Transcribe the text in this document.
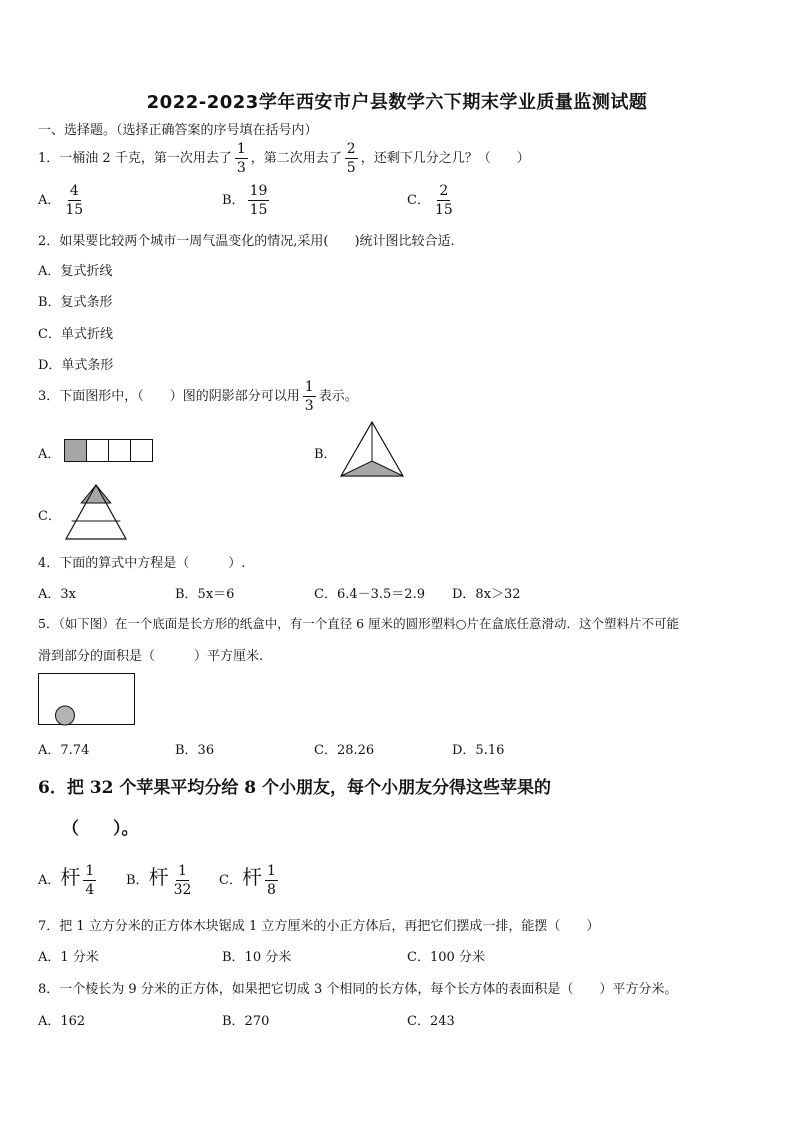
2022-2023学年西安市户县数学六下期末学业质量监测试题
一、选择题。（选择正确答案的序号填在括号内）
1．一桶油 2 千克，第一次用去了 $\frac{1}{3}$ ，第二次用去了 $\frac{2}{5}$ ，还剩下几分之几？（　　）
A． $\frac{4}{15}$	B． $\frac{19}{15}$	C． $\frac{2}{15}$
2．如果要比较两个城市一周气温变化的情况,采用(　　)统计图比较合适.
A．复式折线
B．复式条形
C．单式折线
D．单式条形
3．下面图形中，（　　）图的阴影部分可以用 $\frac{1}{3}$ 表示。
A．	B．
C．
4．下面的算式中方程是（　　　）.
A．3x	B．5x＝6	C．6.4－3.5＝2.9 D．8x＞32
5．（如下图）在一个底面是长方形的纸盒中，有一个直径 6 厘米的圆形塑料○片在盒底任意滑动．这个塑料片不可能
滑到部分的面积是（　　　）平方厘米.
A．7.74	B．36	C．28.26	D．5.16
6．把 32 个苹果平均分给 8 个小朋友，每个小朋友分得这些苹果的
（　　）。
A．杆 $\frac{1}{4}$ B．杆 $\frac{1}{32}$ C．杆 $\frac{1}{8}$
7．把 1 立方分米的正方体木块锯成 1 立方厘米的小正方体后，再把它们摆成一排，能摆（　　）
A．1 分米	B．10 分米	C．100 分米
8．一个棱长为 9 分米的正方体，如果把它切成 3 个相同的长方体，每个长方体的表面积是（　　）平方分米。
A．162	B．270	C．243
